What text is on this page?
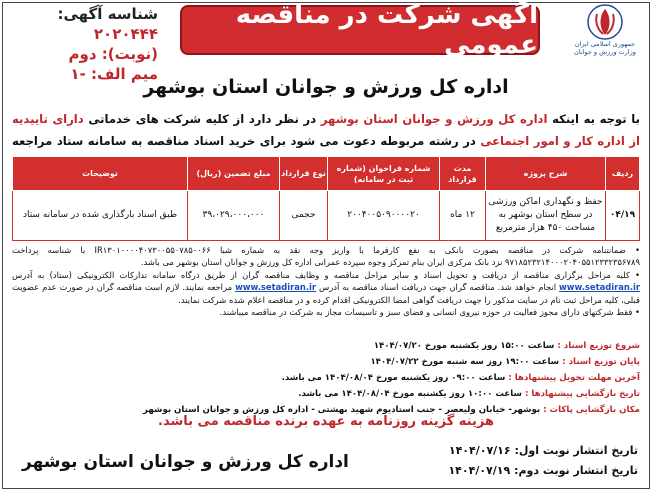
شناسه آگهی: ۲۰۲۰۴۴۴
(نوبت): دوم
میم الف: -۱
آگهی شرکت در مناقصه عمومی	جمهوری اسلامی ایران وزارت ورزش و جوانان
اداره کل ورزش و جوانان استان بوشهر
با توجه به اینکه اداره کل ورزش و جوانان استان بوشهر در نظر دارد از کلیه شرکت های خدماتی دارای تاییدیه از اداره کار و امور اجتماعی در رشته مربوطه دعوت می شود برای خرید اسناد مناقصه به سامانه ستاد مراجعه
ردیف	شرح پروژه	مدت قرارداد	شماره فراخوان (شماره ثبت در سامانه)	نوع قرارداد	مبلغ تضمین (ریال)	توضیحات
۰۴/۱۹	حفظ و نگهداری اماکن ورزشی در سطح استان بوشهر به مساحت ۴۵۰ هزار مترمربع	۱۲ ماه	۲۰۰۴۰۰۵۰۹۰۰۰۰۲۰	حجمی	۳۹،۰۲۹،۰۰۰،۰۰۰	طبق اسناد بارگذاری شده در سامانه ستاد

• ضمانتنامه شرکت در مناقصه بصورت بانکی به نفع کارفرما یا واریز وجه نقد به شماره شبا IR۱۳۰۱۰۰۰۰۴۰۷۳۰۰۵۵۰۷۸۵۰۰۶۶ با شناسه پرداخت ۹۷۱۸۵۲۳۲۱۴۰۰۰۲۰۴۰۵۵۱۲۳۳۲۳۵۶۷۸۹ نزد بانک مرکزی ایران بنام تمرکز وجوه سپرده عمرانی اداره کل ورزش و جوانان استان بوشهر می باشد.

• کلیه مراحل برگزاری مناقصه از دریافت و تحویل اسناد و سایر مراحل مناقصه و وظایف مناقصه گران از طریق درگاه سامانه تدارکات الکترونیکی (ستاد) به آدرس www.setadiran.ir انجام خواهد شد. مناقصه گران جهت دریافت اسناد مناقصه به آدرس www.setadiran.ir مراجعه نمایند. لازم است مناقصه گران در صورت عدم عضویت قبلی، کلیه مراحل ثبت نام در سایت مذکور را جهت دریافت گواهی امضا الکترونیکی اقدام کرده و در مناقصه اعلام شده شرکت نمایند.

• فقط شرکتهای دارای مجوز فعالیت در حوزه نیروی انسانی و فضای سبز و تاسیسات مجاز به شرکت در مناقصه میباشند.

شروع توزیع اسناد : ساعت ۱۵:۰۰ روز یکشنبه مورخ ۱۴۰۴/۰۷/۲۰
پایان توزیع اسناد : ساعت ۱۹:۰۰ روز سه شنبه مورخ ۱۴۰۴/۰۷/۲۲
آخرین مهلت تحویل پیشنهادها : ساعت ۰۹:۰۰ روز یکشنبه مورخ ۱۴۰۴/۰۸/۰۴ می باشد.
تاریخ بازگشایی پیشنهادها : ساعت ۱۰:۰۰ روز یکشنبه مورخ ۱۴۰۴/۰۸/۰۴ می باشد.
مکان بازگشایی پاکات : بوشهر- خیابان ولیعصر - جنب استادیوم شهید بهشتی - اداره کل ورزش و جوانان استان بوشهر
هزینه گزینه روزنامه به عهده برنده مناقصه می باشد.
اداره کل ورزش و جوانان استان بوشهر
تاریخ انتشار نوبت اول: ۱۴۰۴/۰۷/۱۶
تاریخ انتشار نوبت دوم: ۱۴۰۴/۰۷/۱۹
